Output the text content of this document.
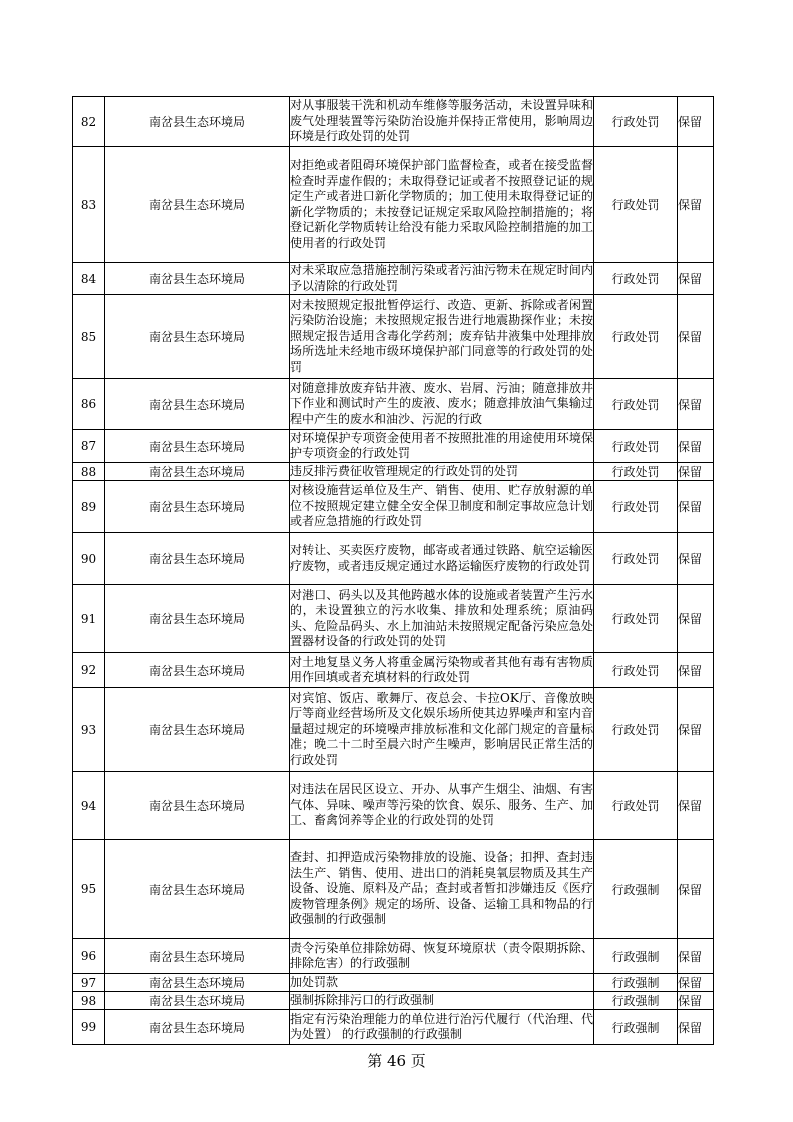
82	南岔县生态环境局	对从事服装干洗和机动车维修等服务活动，未设置异味和废气处理装置等污染防治设施并保持正常使用，影响周边环境是行政处罚的处罚	行政处罚	保留
83	南岔县生态环境局	对拒绝或者阻碍环境保护部门监督检查，或者在接受监督检查时弄虚作假的；未取得登记证或者不按照登记证的规定生产或者进口新化学物质的；加工使用未取得登记证的新化学物质的；未按登记证规定采取风险控制措施的；将登记新化学物质转让给没有能力采取风险控制措施的加工使用者的行政处罚	行政处罚	保留
84	南岔县生态环境局	对未采取应急措施控制污染或者污油污物未在规定时间内予以清除的行政处罚	行政处罚	保留
85	南岔县生态环境局	对未按照规定报批暂停运行、改造、更新、拆除或者闲置污染防治设施；未按照规定报告进行地震勘探作业；未按照规定报告适用含毒化学药剂；废弃钻井液集中处理排放场所选址未经地市级环境保护部门同意等的行政处罚的处罚	行政处罚	保留
86	南岔县生态环境局	对随意排放废弃钻井液、废水、岩屑、污油；随意排放井下作业和测试时产生的废液、废水；随意排放油气集输过程中产生的废水和油沙、污泥的行政	行政处罚	保留
87	南岔县生态环境局	对环境保护专项资金使用者不按照批准的用途使用环境保护专项资金的行政处罚	行政处罚	保留
88	南岔县生态环境局	违反排污费征收管理规定的行政处罚的处罚	行政处罚	保留
89	南岔县生态环境局	对核设施营运单位及生产、销售、使用、贮存放射源的单位不按照规定建立健全安全保卫制度和制定事故应急计划或者应急措施的行政处罚	行政处罚	保留
90	南岔县生态环境局	对转让、买卖医疗废物，邮寄或者通过铁路、航空运输医疗废物，或者违反规定通过水路运输医疗废物的行政处罚	行政处罚	保留
91	南岔县生态环境局	对港口、码头以及其他跨越水体的设施或者装置产生污水的，未设置独立的污水收集、排放和处理系统；原油码头、危险品码头、水上加油站未按照规定配备污染应急处置器材设备的行政处罚的处罚	行政处罚	保留
92	南岔县生态环境局	对土地复垦义务人将重金属污染物或者其他有毒有害物质用作回填或者充填材料的行政处罚	行政处罚	保留
93	南岔县生态环境局	对宾馆、饭店、歌舞厅、夜总会、卡拉OK厅、音像放映厅等商业经营场所及文化娱乐场所使其边界噪声和室内音量超过规定的环境噪声排放标准和文化部门规定的音量标准；晚二十二时至晨六时产生噪声，影响居民正常生活的行政处罚	行政处罚	保留
94	南岔县生态环境局	对违法在居民区设立、开办、从事产生烟尘、油烟、有害气体、异味、噪声等污染的饮食、娱乐、服务、生产、加工、畜禽饲养等企业的行政处罚的处罚	行政处罚	保留
95	南岔县生态环境局	查封、扣押造成污染物排放的设施、设备；扣押、查封违法生产、销售、使用、进出口的消耗臭氧层物质及其生产设备、设施、原料及产品；查封或者暂扣涉嫌违反《医疗废物管理条例》规定的场所、设备、运输工具和物品的行政强制的行政强制	行政强制	保留
96	南岔县生态环境局	责令污染单位排除妨碍、恢复环境原状（责令限期拆除、排除危害）的行政强制	行政强制	保留
97	南岔县生态环境局	加处罚款	行政强制	保留
98	南岔县生态环境局	强制拆除排污口的行政强制	行政强制	保留
99	南岔县生态环境局	指定有污染治理能力的单位进行治污代履行（代治理、代为处置） 的行政强制的行政强制	行政强制	保留
第 46 页
